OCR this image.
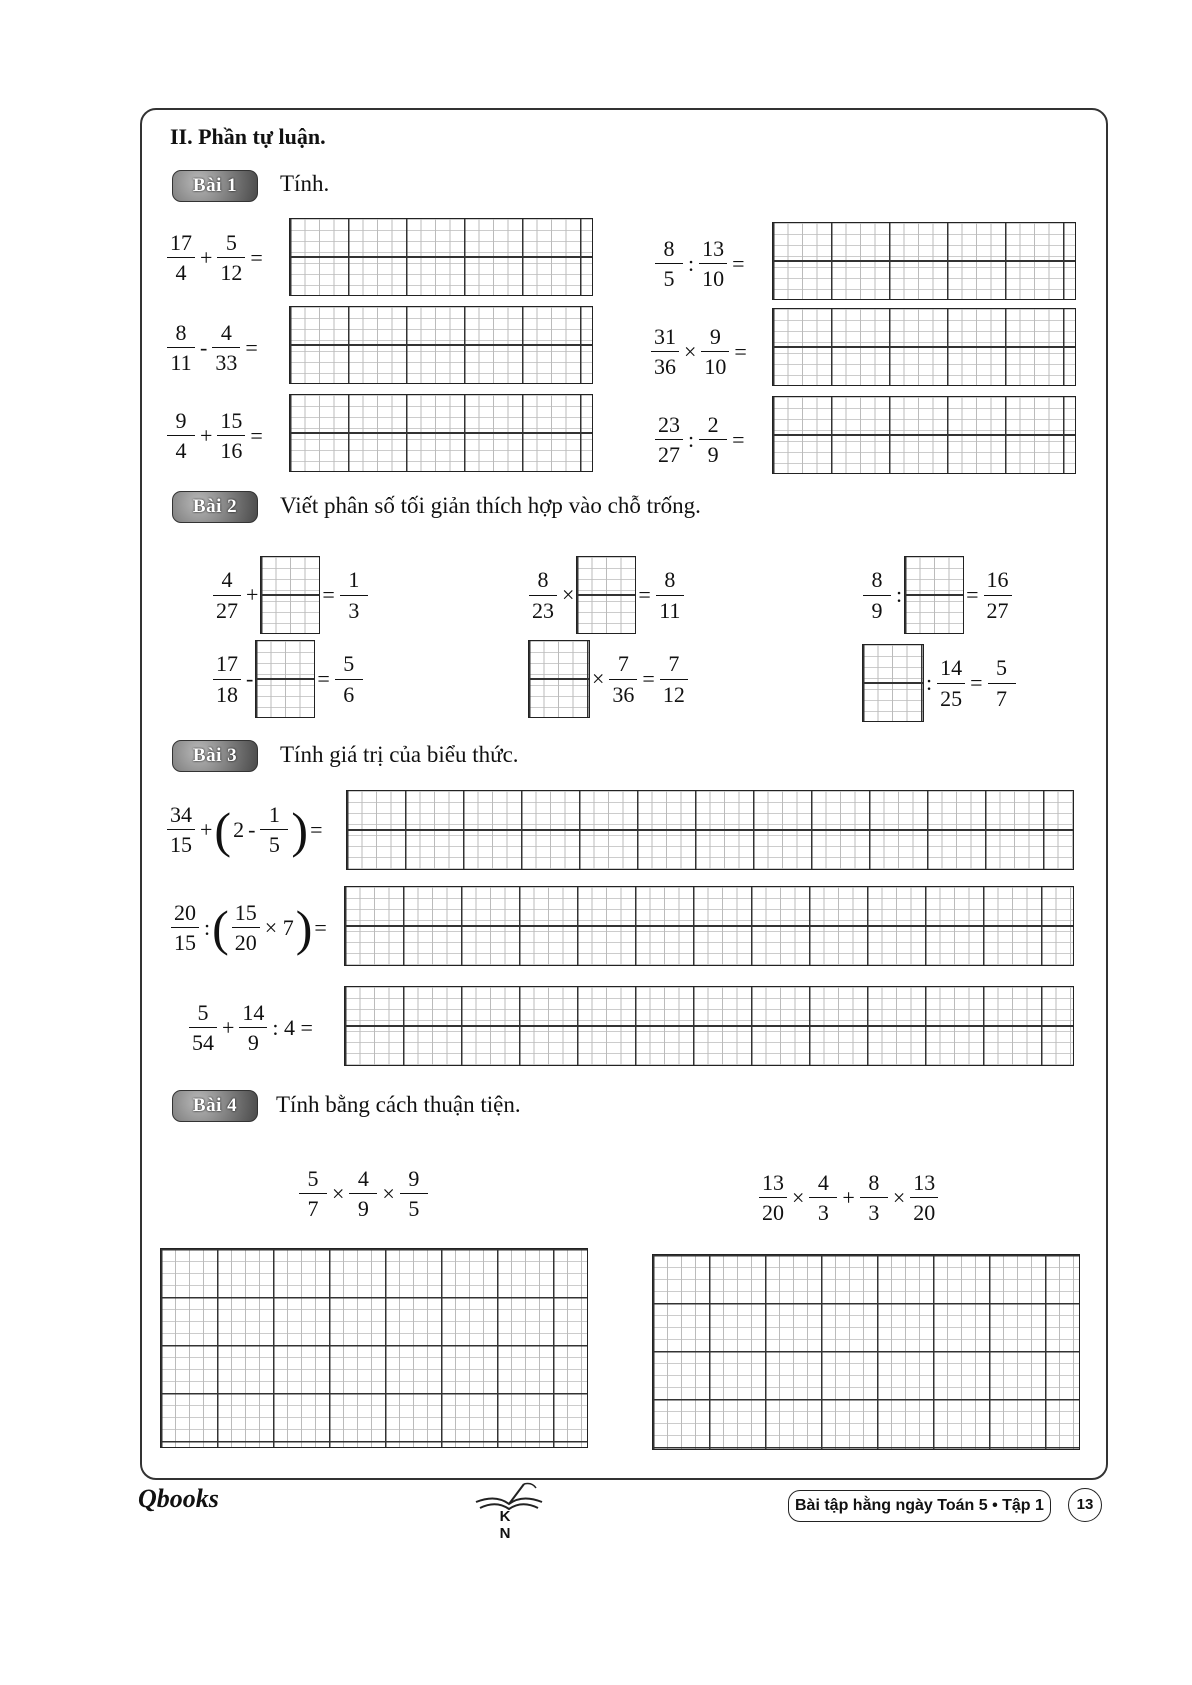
II. Phần tự luận.
Bài 1	Tính.
$\frac{17}{4} + \frac{5}{12}$ =	$\frac{8}{5}$ : $\frac{13}{10}$ =
$\frac{8}{11} - \frac{4}{33}$ =	$\frac{31}{36} \times \frac{9}{10}$ =
$\frac{9}{4} + \frac{15}{16}$ =	$\frac{23}{27}$ : $\frac{2}{9}$ =
Bài 2	Viết phân số tối giản thích hợp vào chỗ trống.
$\frac{4}{27}$ +	= $\frac{1}{3}$	$\frac{8}{23}$ ×	= $\frac{8}{11}$	$\frac{8}{9}$ :	= $\frac{16}{27}$
$\frac{17}{18}$ -	= $\frac{5}{6}$	× $\frac{7}{36} = \frac{7}{12}$	: $\frac{14}{25} = \frac{5}{7}$
Bài 3	Tính giá trị của biểu thức.
$\frac{34}{15}$ + ( $2 - \frac{1}{5}$ ) =
$\frac{20}{15}$ : ( $\frac{15}{20} \times 7$ ) =
$\frac{5}{54} + \frac{14}{9}$ : 4 =
Bài 4	Tính bằng cách thuận tiện.
$\frac{5}{7} \times \frac{4}{9} \times \frac{9}{5}$	$\frac{13}{20} \times \frac{4}{3} + \frac{8}{3} \times \frac{13}{20}$
Qbooks
K N
Bài tập hằng ngày Toán 5 • Tập 1	13
